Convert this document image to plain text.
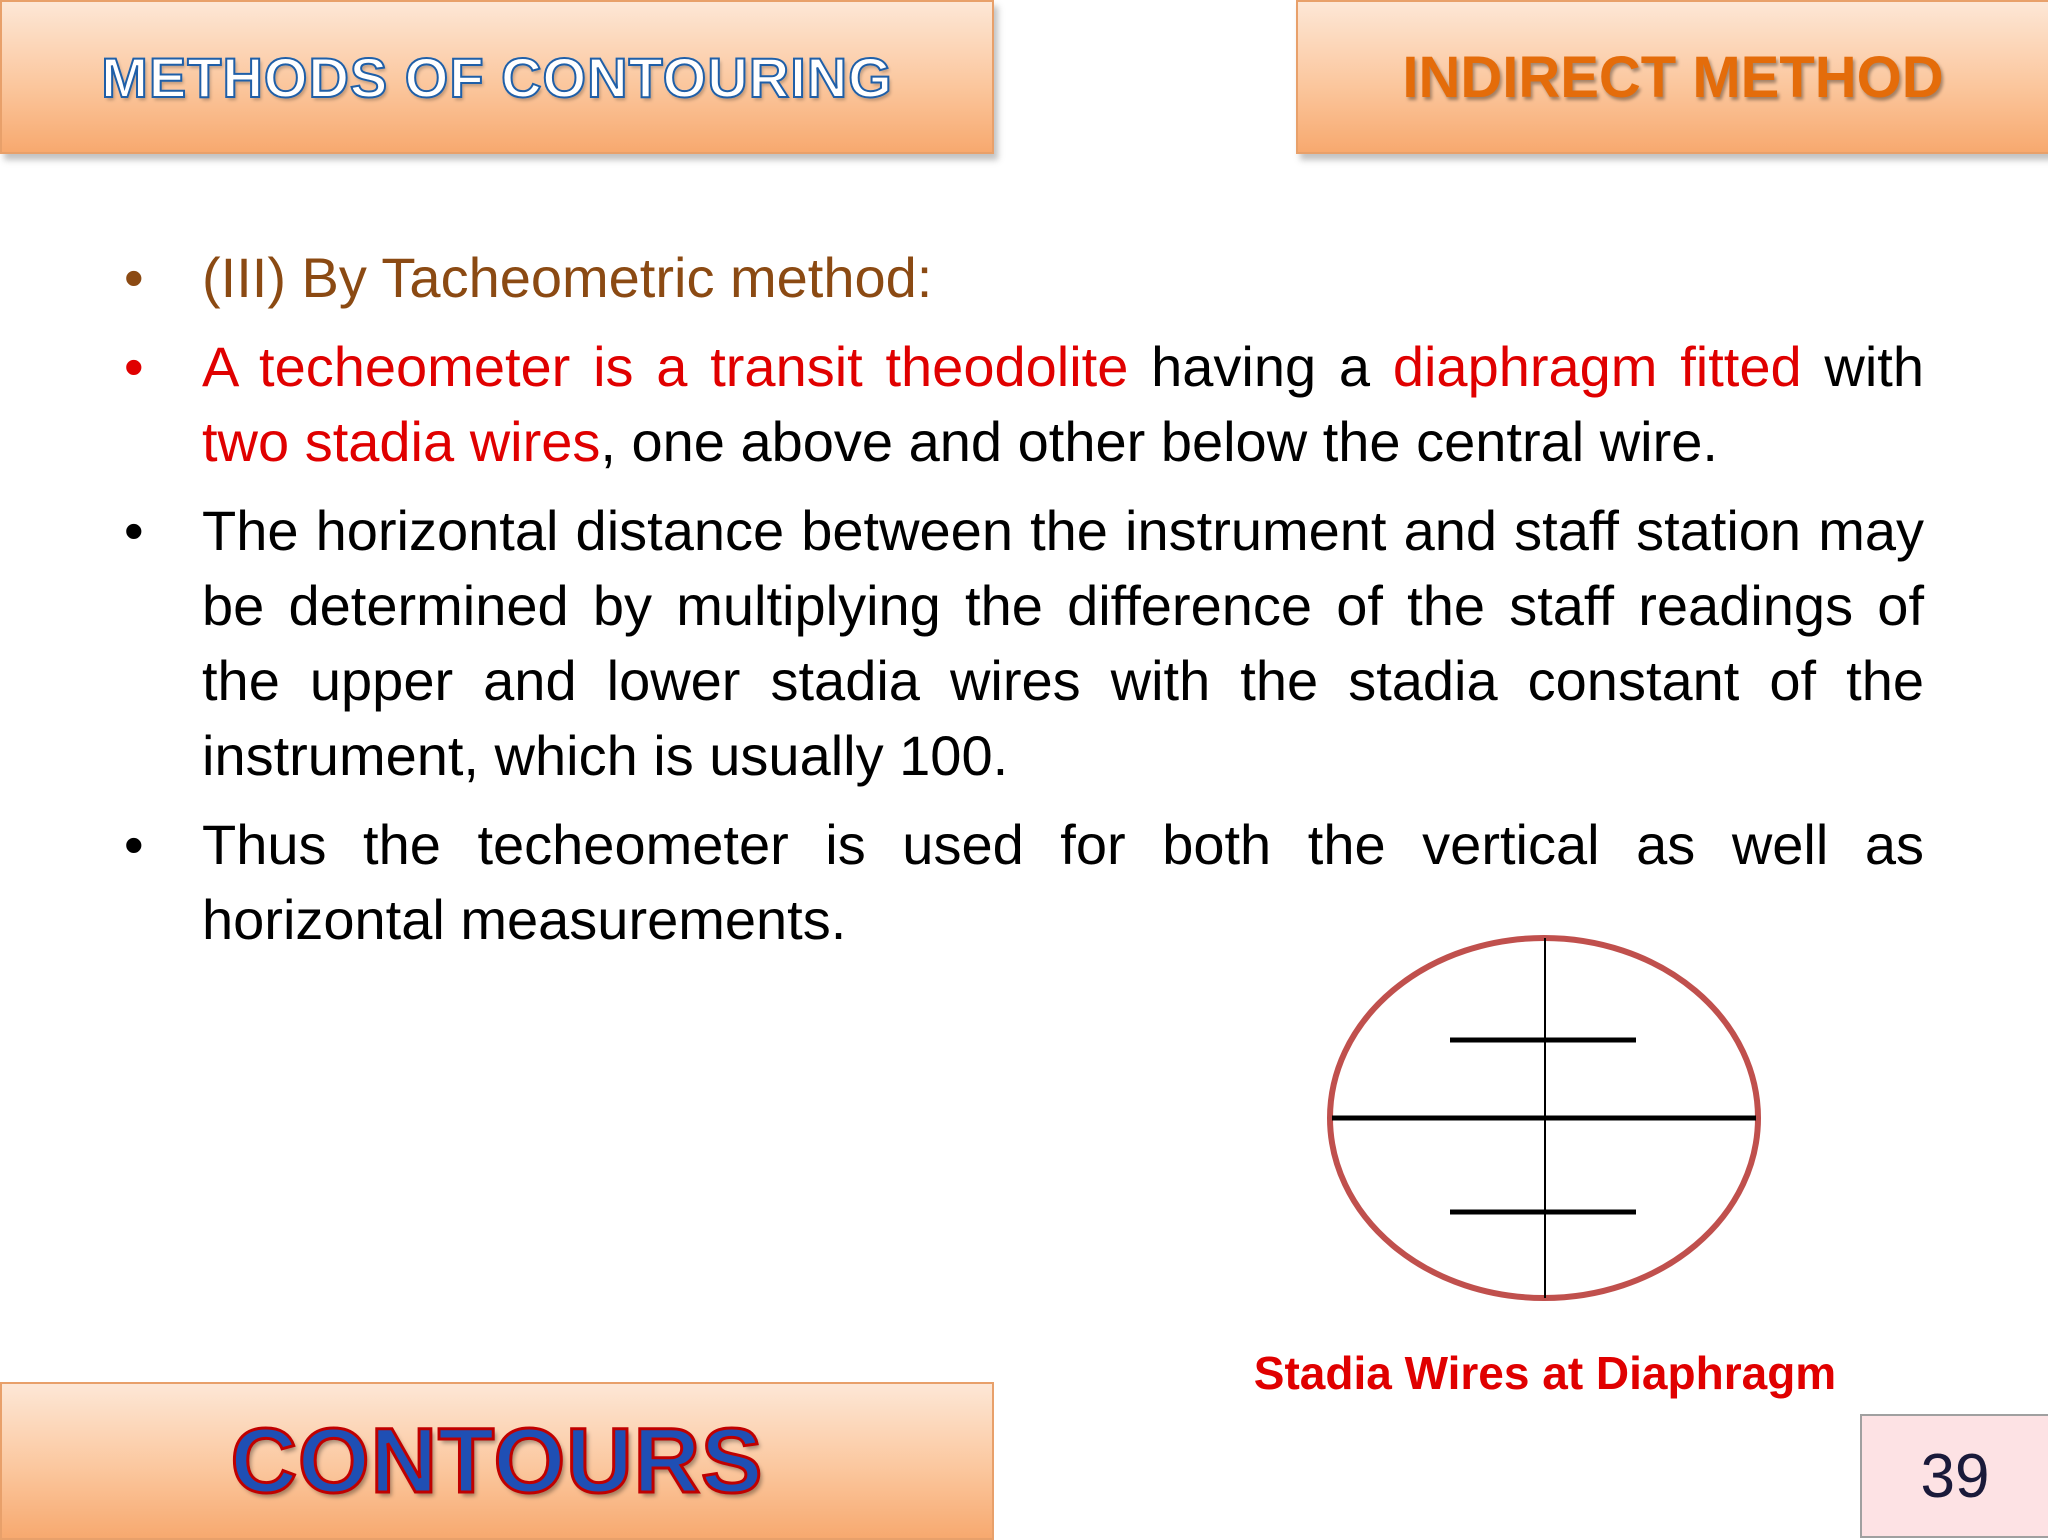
METHODS OF CONTOURING	INDIRECT METHOD
• (III) By Tacheometric method:
• A techeometer is a transit theodolite having a diaphragm fitted with two stadia wires, one above and other below the central wire.
• The horizontal distance between the instrument and staff station may be determined by multiplying the difference of the staff readings of the upper and lower stadia wires with the stadia constant of the instrument, which is usually 100.
• Thus the techeometer is used for both the vertical as well as horizontal measurements.
Stadia Wires at Diaphragm
CONTOURS	39
